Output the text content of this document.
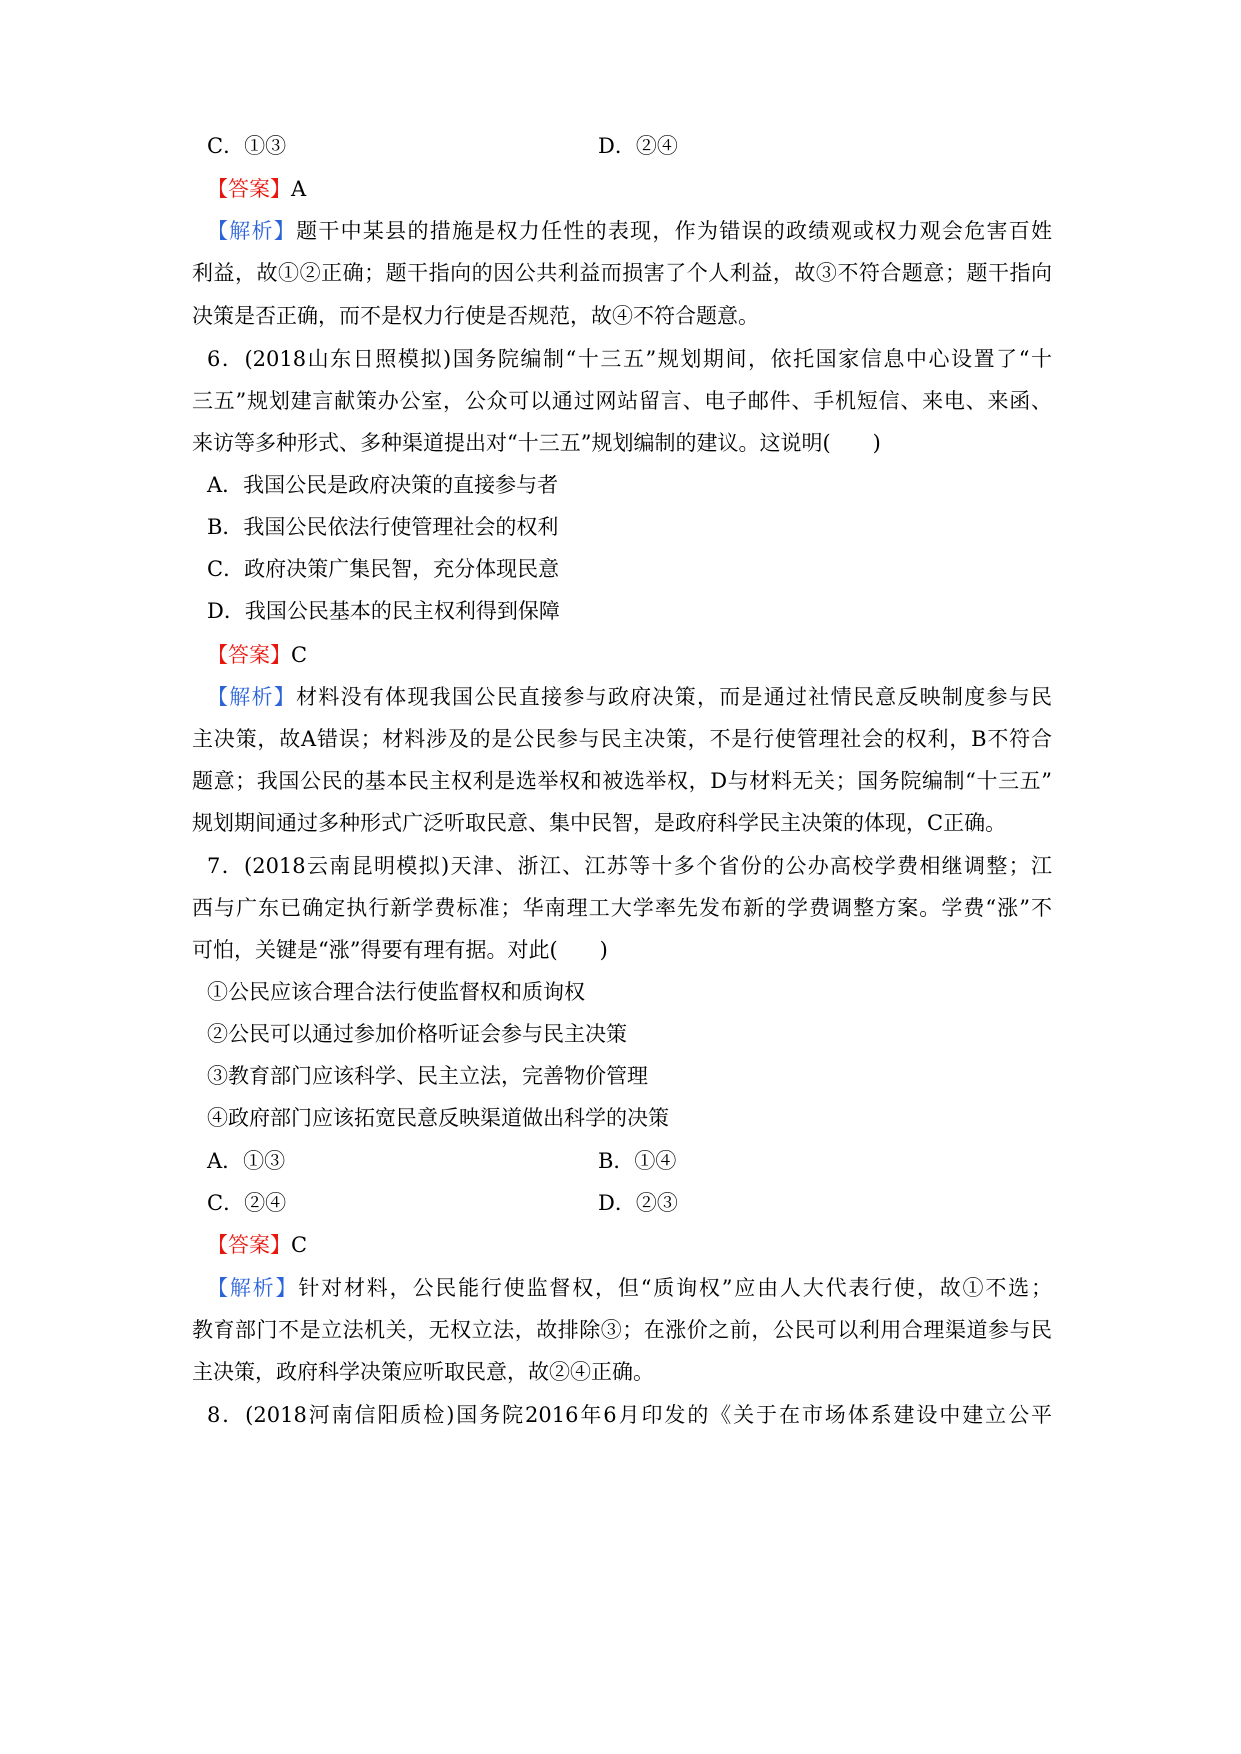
C．①③	D．②④
【答案】A
【解析】题干中某县的措施是权力任性的表现，作为错误的政绩观或权力观会危害百姓
利益，故①②正确；题干指向的因公共利益而损害了个人利益，故③不符合题意；题干指向
决策是否正确，而不是权力行使是否规范，故④不符合题意。
6．(2018山东日照模拟)国务院编制“十三五”规划期间，依托国家信息中心设置了“十
三五”规划建言献策办公室，公众可以通过网站留言、电子邮件、手机短信、来电、来函、
来访等多种形式、多种渠道提出对“十三五”规划编制的建议。这说明(　　)
A．我国公民是政府决策的直接参与者
B．我国公民依法行使管理社会的权利
C．政府决策广集民智，充分体现民意
D．我国公民基本的民主权利得到保障
【答案】C
【解析】材料没有体现我国公民直接参与政府决策，而是通过社情民意反映制度参与民
主决策，故A错误；材料涉及的是公民参与民主决策，不是行使管理社会的权利，B不符合
题意；我国公民的基本民主权利是选举权和被选举权，D与材料无关；国务院编制“十三五”
规划期间通过多种形式广泛听取民意、集中民智，是政府科学民主决策的体现，C正确。
7．(2018云南昆明模拟)天津、浙江、江苏等十多个省份的公办高校学费相继调整；江
西与广东已确定执行新学费标准；华南理工大学率先发布新的学费调整方案。学费“涨”不
可怕，关键是“涨”得要有理有据。对此(　　)
①公民应该合理合法行使监督权和质询权
②公民可以通过参加价格听证会参与民主决策
③教育部门应该科学、民主立法，完善物价管理
④政府部门应该拓宽民意反映渠道做出科学的决策
A．①③	B．①④
C．②④	D．②③
【答案】C
【解析】针对材料，公民能行使监督权，但“质询权”应由人大代表行使，故①不选；
教育部门不是立法机关，无权立法，故排除③；在涨价之前，公民可以利用合理渠道参与民
主决策，政府科学决策应听取民意，故②④正确。
8．(2018河南信阳质检)国务院2016年6月印发的《关于在市场体系建设中建立公平
